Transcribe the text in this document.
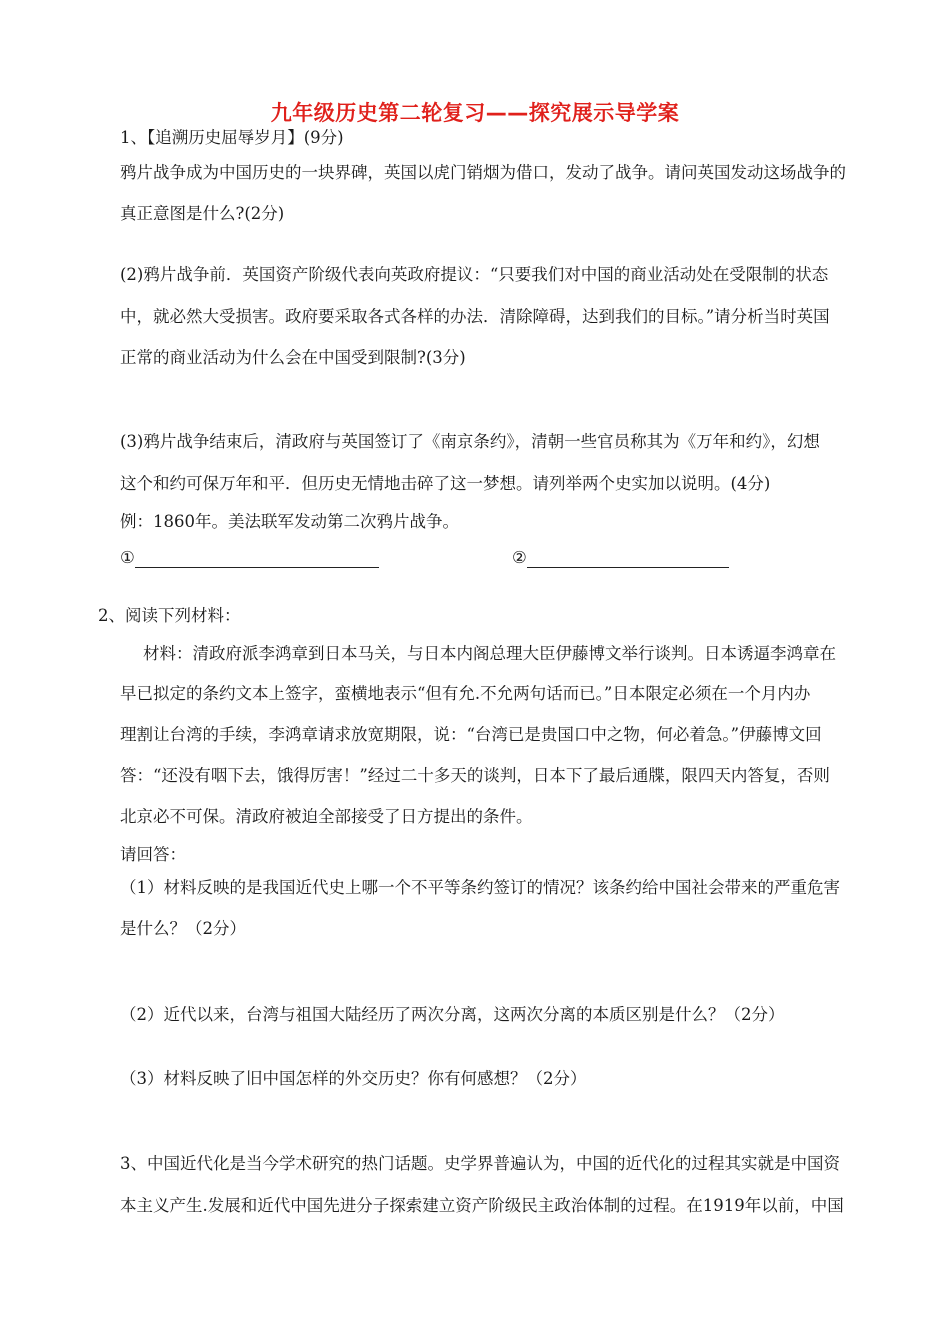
九年级历史第二轮复习——探究展示导学案
1、【追溯历史屈辱岁月】(9分)
鸦片战争成为中国历史的一块界碑，英国以虎门销烟为借口，发动了战争。请问英国发动这场战争的
真正意图是什么?(2分)
(2)鸦片战争前．英国资产阶级代表向英政府提议：“只要我们对中国的商业活动处在受限制的状态
中，就必然大受损害。政府要采取各式各样的办法．清除障碍，达到我们的目标。”请分析当时英国
正常的商业活动为什么会在中国受到限制?(3分)
(3)鸦片战争结束后，清政府与英国签订了《南京条约》，清朝一些官员称其为《万年和约》，幻想
这个和约可保万年和平．但历史无情地击碎了这一梦想。请列举两个史实加以说明。(4分)
例：1860年。美法联军发动第二次鸦片战争。
①	②
2、阅读下列材料：
材料：清政府派李鸿章到日本马关，与日本内阁总理大臣伊藤博文举行谈判。日本诱逼李鸿章在
早已拟定的条约文本上签字，蛮横地表示“但有允.不允两句话而已。”日本限定必须在一个月内办
理割让台湾的手续，李鸿章请求放宽期限，说：“台湾已是贵国口中之物，何必着急。”伊藤博文回
答：“还没有咽下去，饿得厉害！”经过二十多天的谈判，日本下了最后通牒，限四天内答复，否则
北京必不可保。清政府被迫全部接受了日方提出的条件。
请回答：
（1）材料反映的是我国近代史上哪一个不平等条约签订的情况？该条约给中国社会带来的严重危害
是什么？（2分）
（2）近代以来，台湾与祖国大陆经历了两次分离，这两次分离的本质区别是什么？（2分）
（3）材料反映了旧中国怎样的外交历史？你有何感想？（2分）
3、中国近代化是当今学术研究的热门话题。史学界普遍认为，中国的近代化的过程其实就是中国资
本主义产生.发展和近代中国先进分子探索建立资产阶级民主政治体制的过程。在1919年以前，中国
